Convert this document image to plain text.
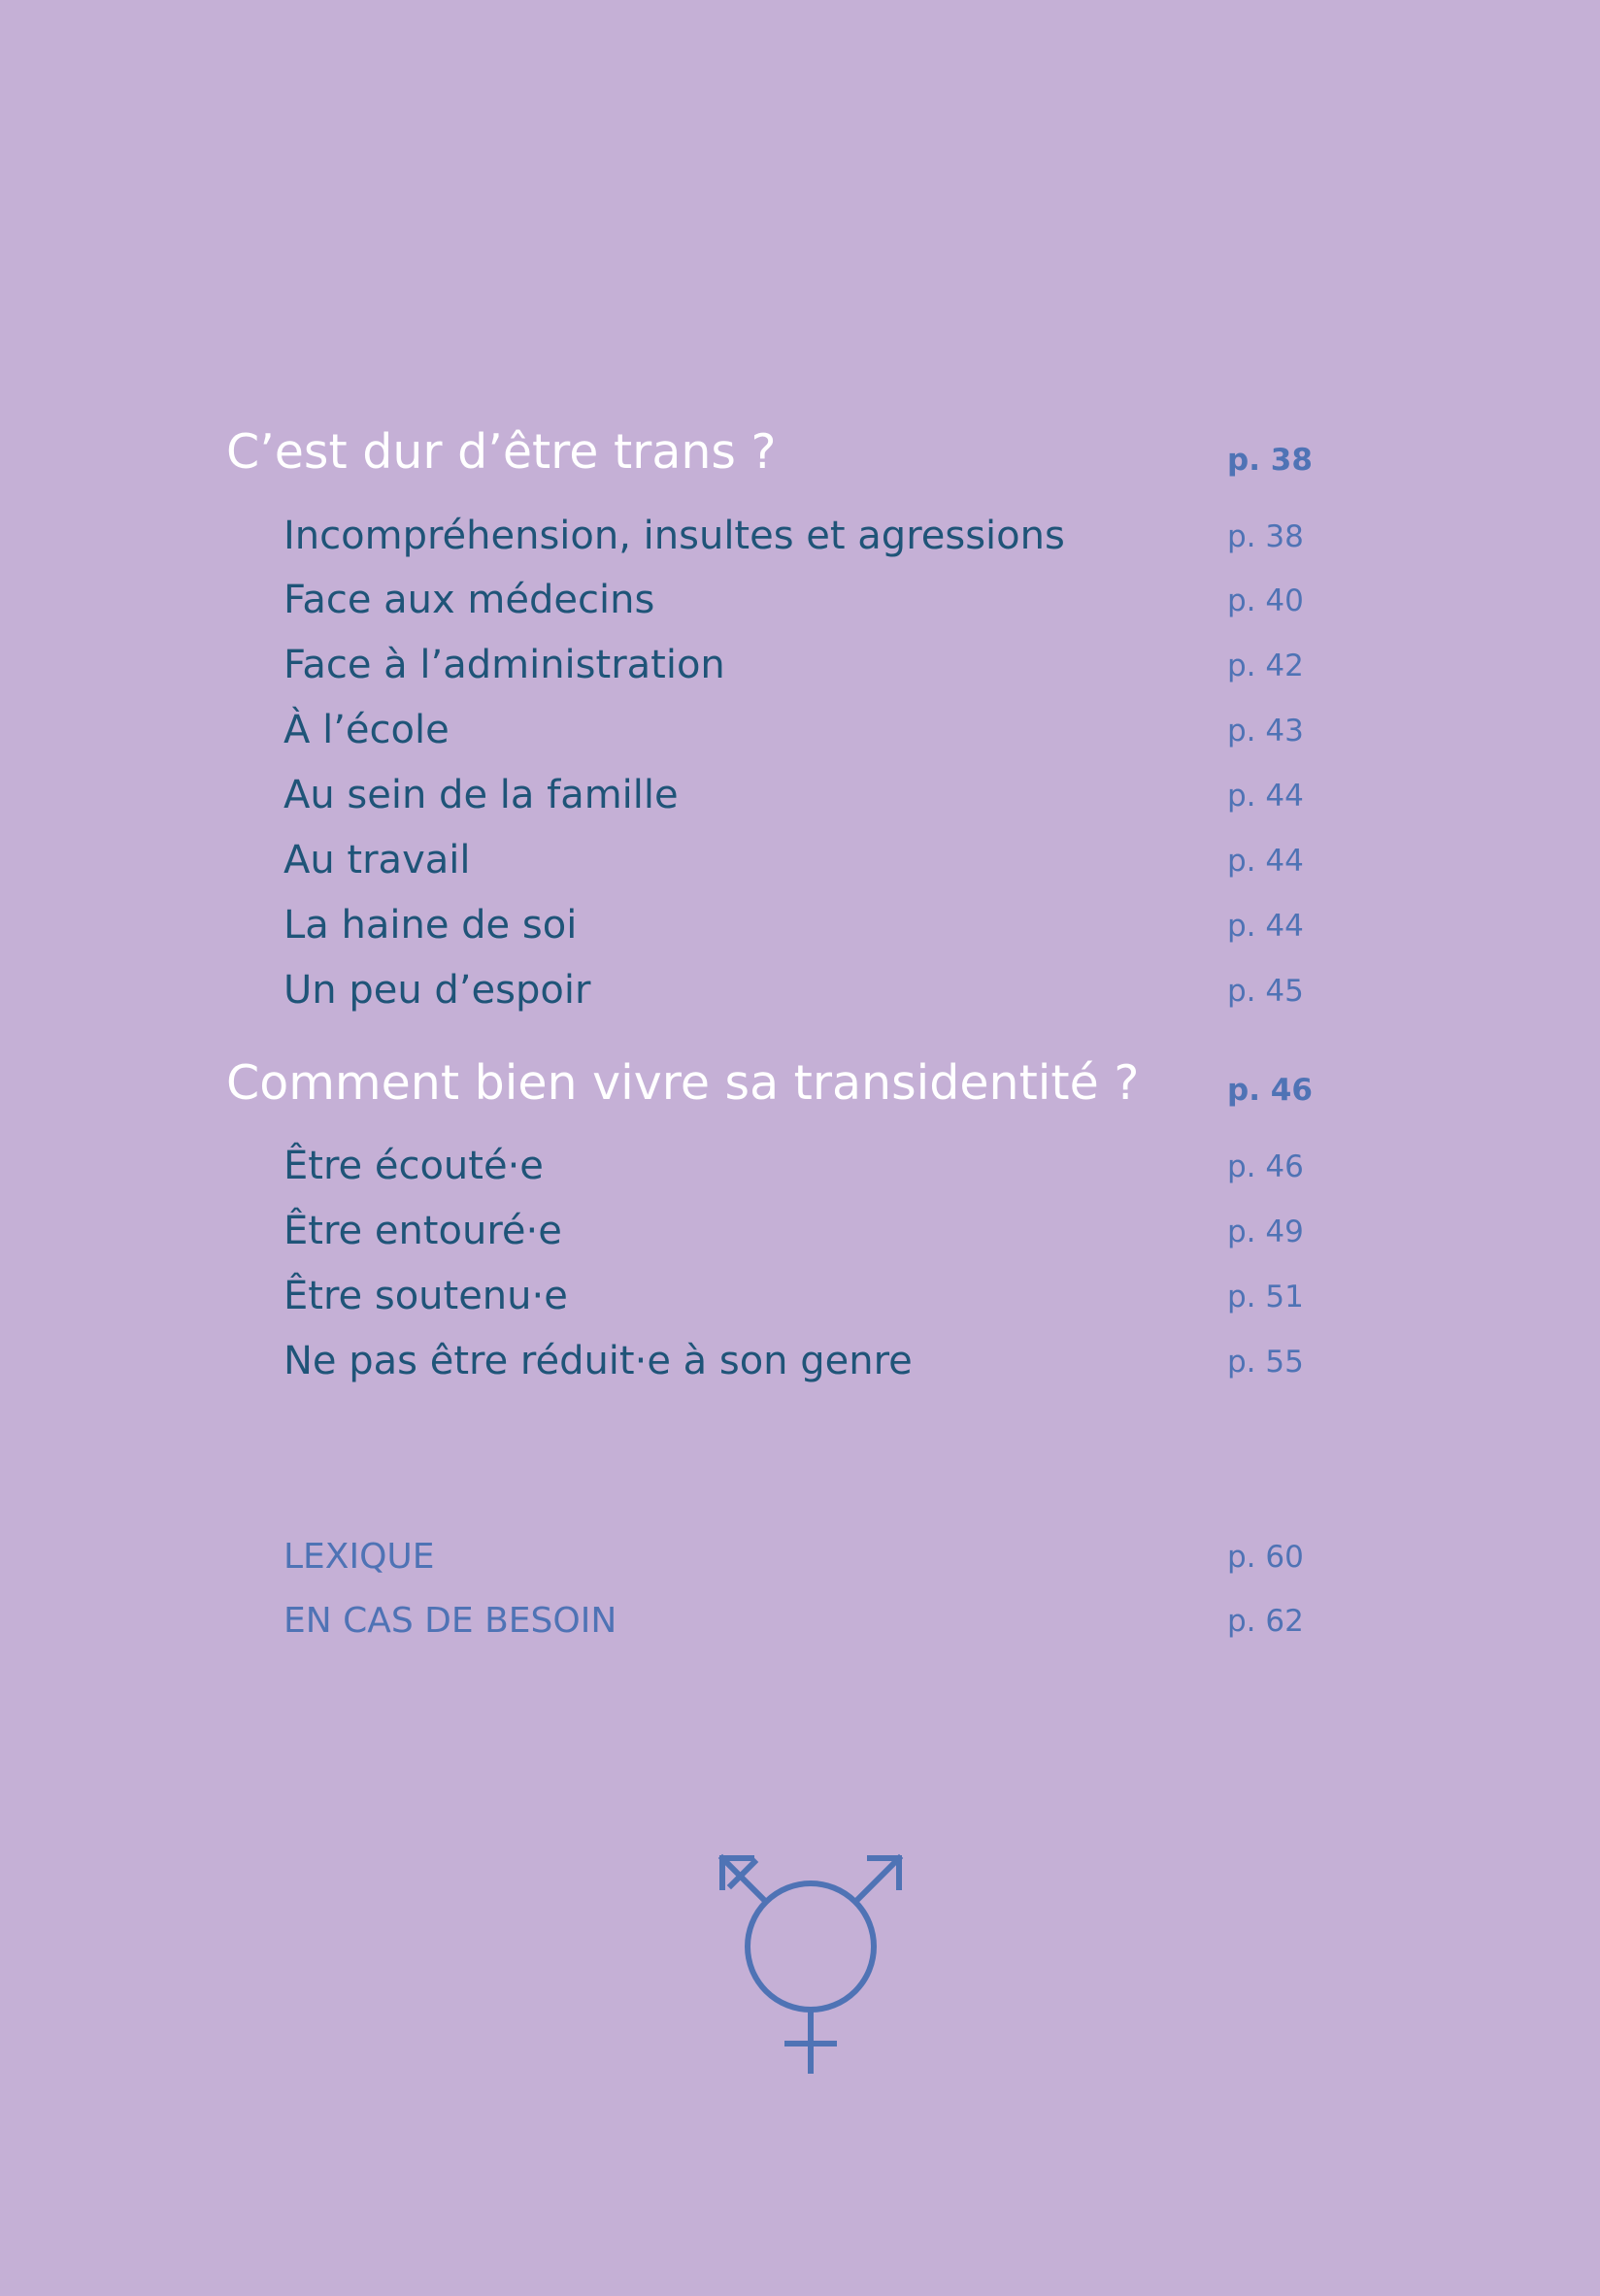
C’est dur d’être trans ?	p. 38
Incompréhension, insultes et agressions	p. 38
Face aux médecins	p. 40
Face à l’administration	p. 42
À l’école	p. 43
Au sein de la famille	p. 44
Au travail	p. 44
La haine de soi	p. 44
Un peu d’espoir	p. 45
Comment bien vivre sa transidentité ?	p. 46
Être écouté·e	p. 46
Être entouré·e	p. 49
Être soutenu·e	p. 51
Ne pas être réduit·e à son genre	p. 55
LEXIQUE	p. 60
EN CAS DE BESOIN	p. 62
